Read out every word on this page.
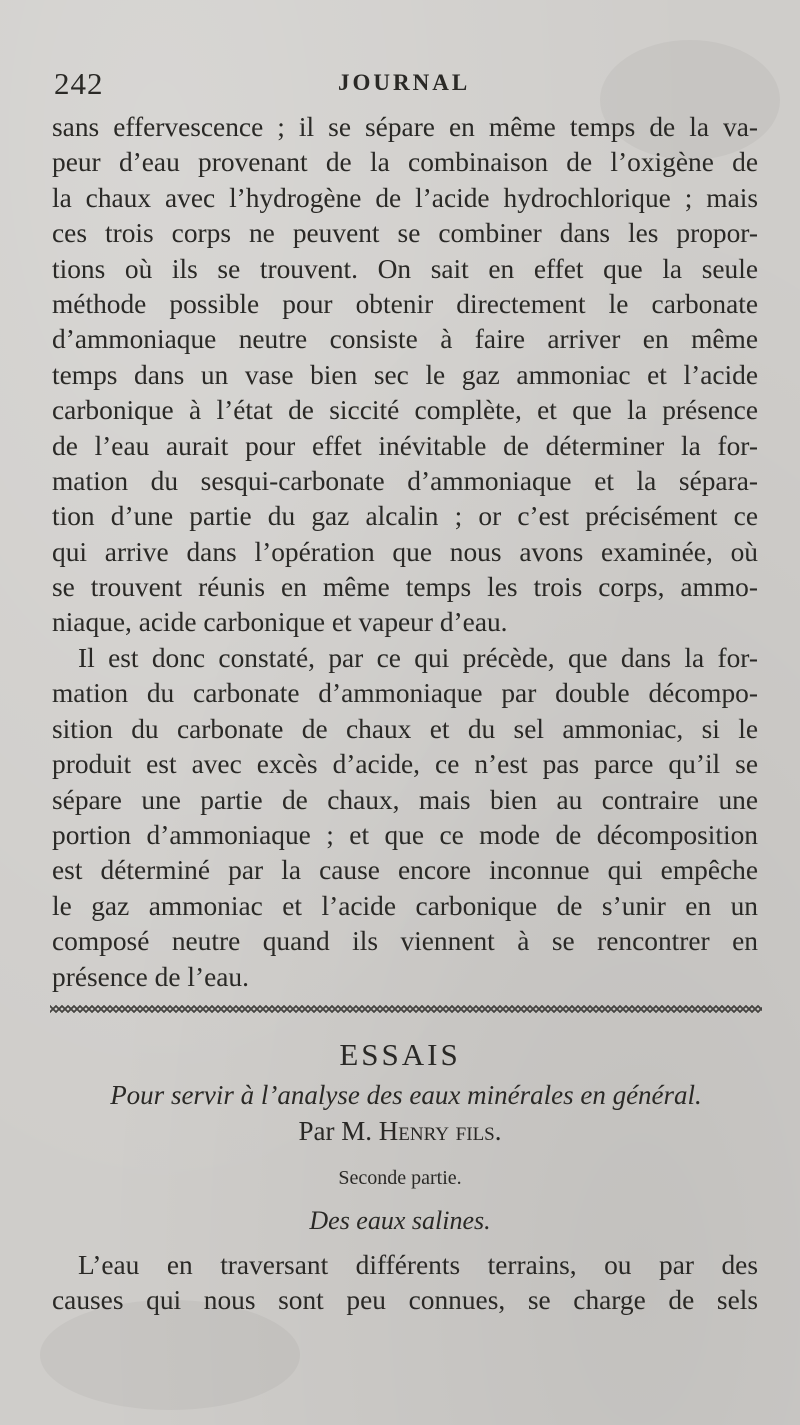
242	JOURNAL
sans effervescence ; il se sépare en même temps de la va-
peur d’eau provenant de la combinaison de l’oxigène de
la chaux avec l’hydrogène de l’acide hydrochlorique ; mais
ces trois corps ne peuvent se combiner dans les propor-
tions où ils se trouvent. On sait en effet que la seule
méthode possible pour obtenir directement le carbonate
d’ammoniaque neutre consiste à faire arriver en même
temps dans un vase bien sec le gaz ammoniac et l’acide
carbonique à l’état de siccité complète, et que la présence
de l’eau aurait pour effet inévitable de déterminer la for-
mation du sesqui-carbonate d’ammoniaque et la sépara-
tion d’une partie du gaz alcalin ; or c’est précisément ce
qui arrive dans l’opération que nous avons examinée, où
se trouvent réunis en même temps les trois corps, ammo-
niaque, acide carbonique et vapeur d’eau.
Il est donc constaté, par ce qui précède, que dans la for-
mation du carbonate d’ammoniaque par double décompo-
sition du carbonate de chaux et du sel ammoniac, si le
produit est avec excès d’acide, ce n’est pas parce qu’il se
sépare une partie de chaux, mais bien au contraire une
portion d’ammoniaque ; et que ce mode de décomposition
est déterminé par la cause encore inconnue qui empêche
le gaz ammoniac et l’acide carbonique de s’unir en un
composé neutre quand ils viennent à se rencontrer en
présence de l’eau.
ESSAIS
Pour servir à l’analyse des eaux minérales en général.
Par M. Henry fils.
Seconde partie.
Des eaux salines.
L’eau en traversant différents terrains, ou par des
causes qui nous sont peu connues, se charge de sels
